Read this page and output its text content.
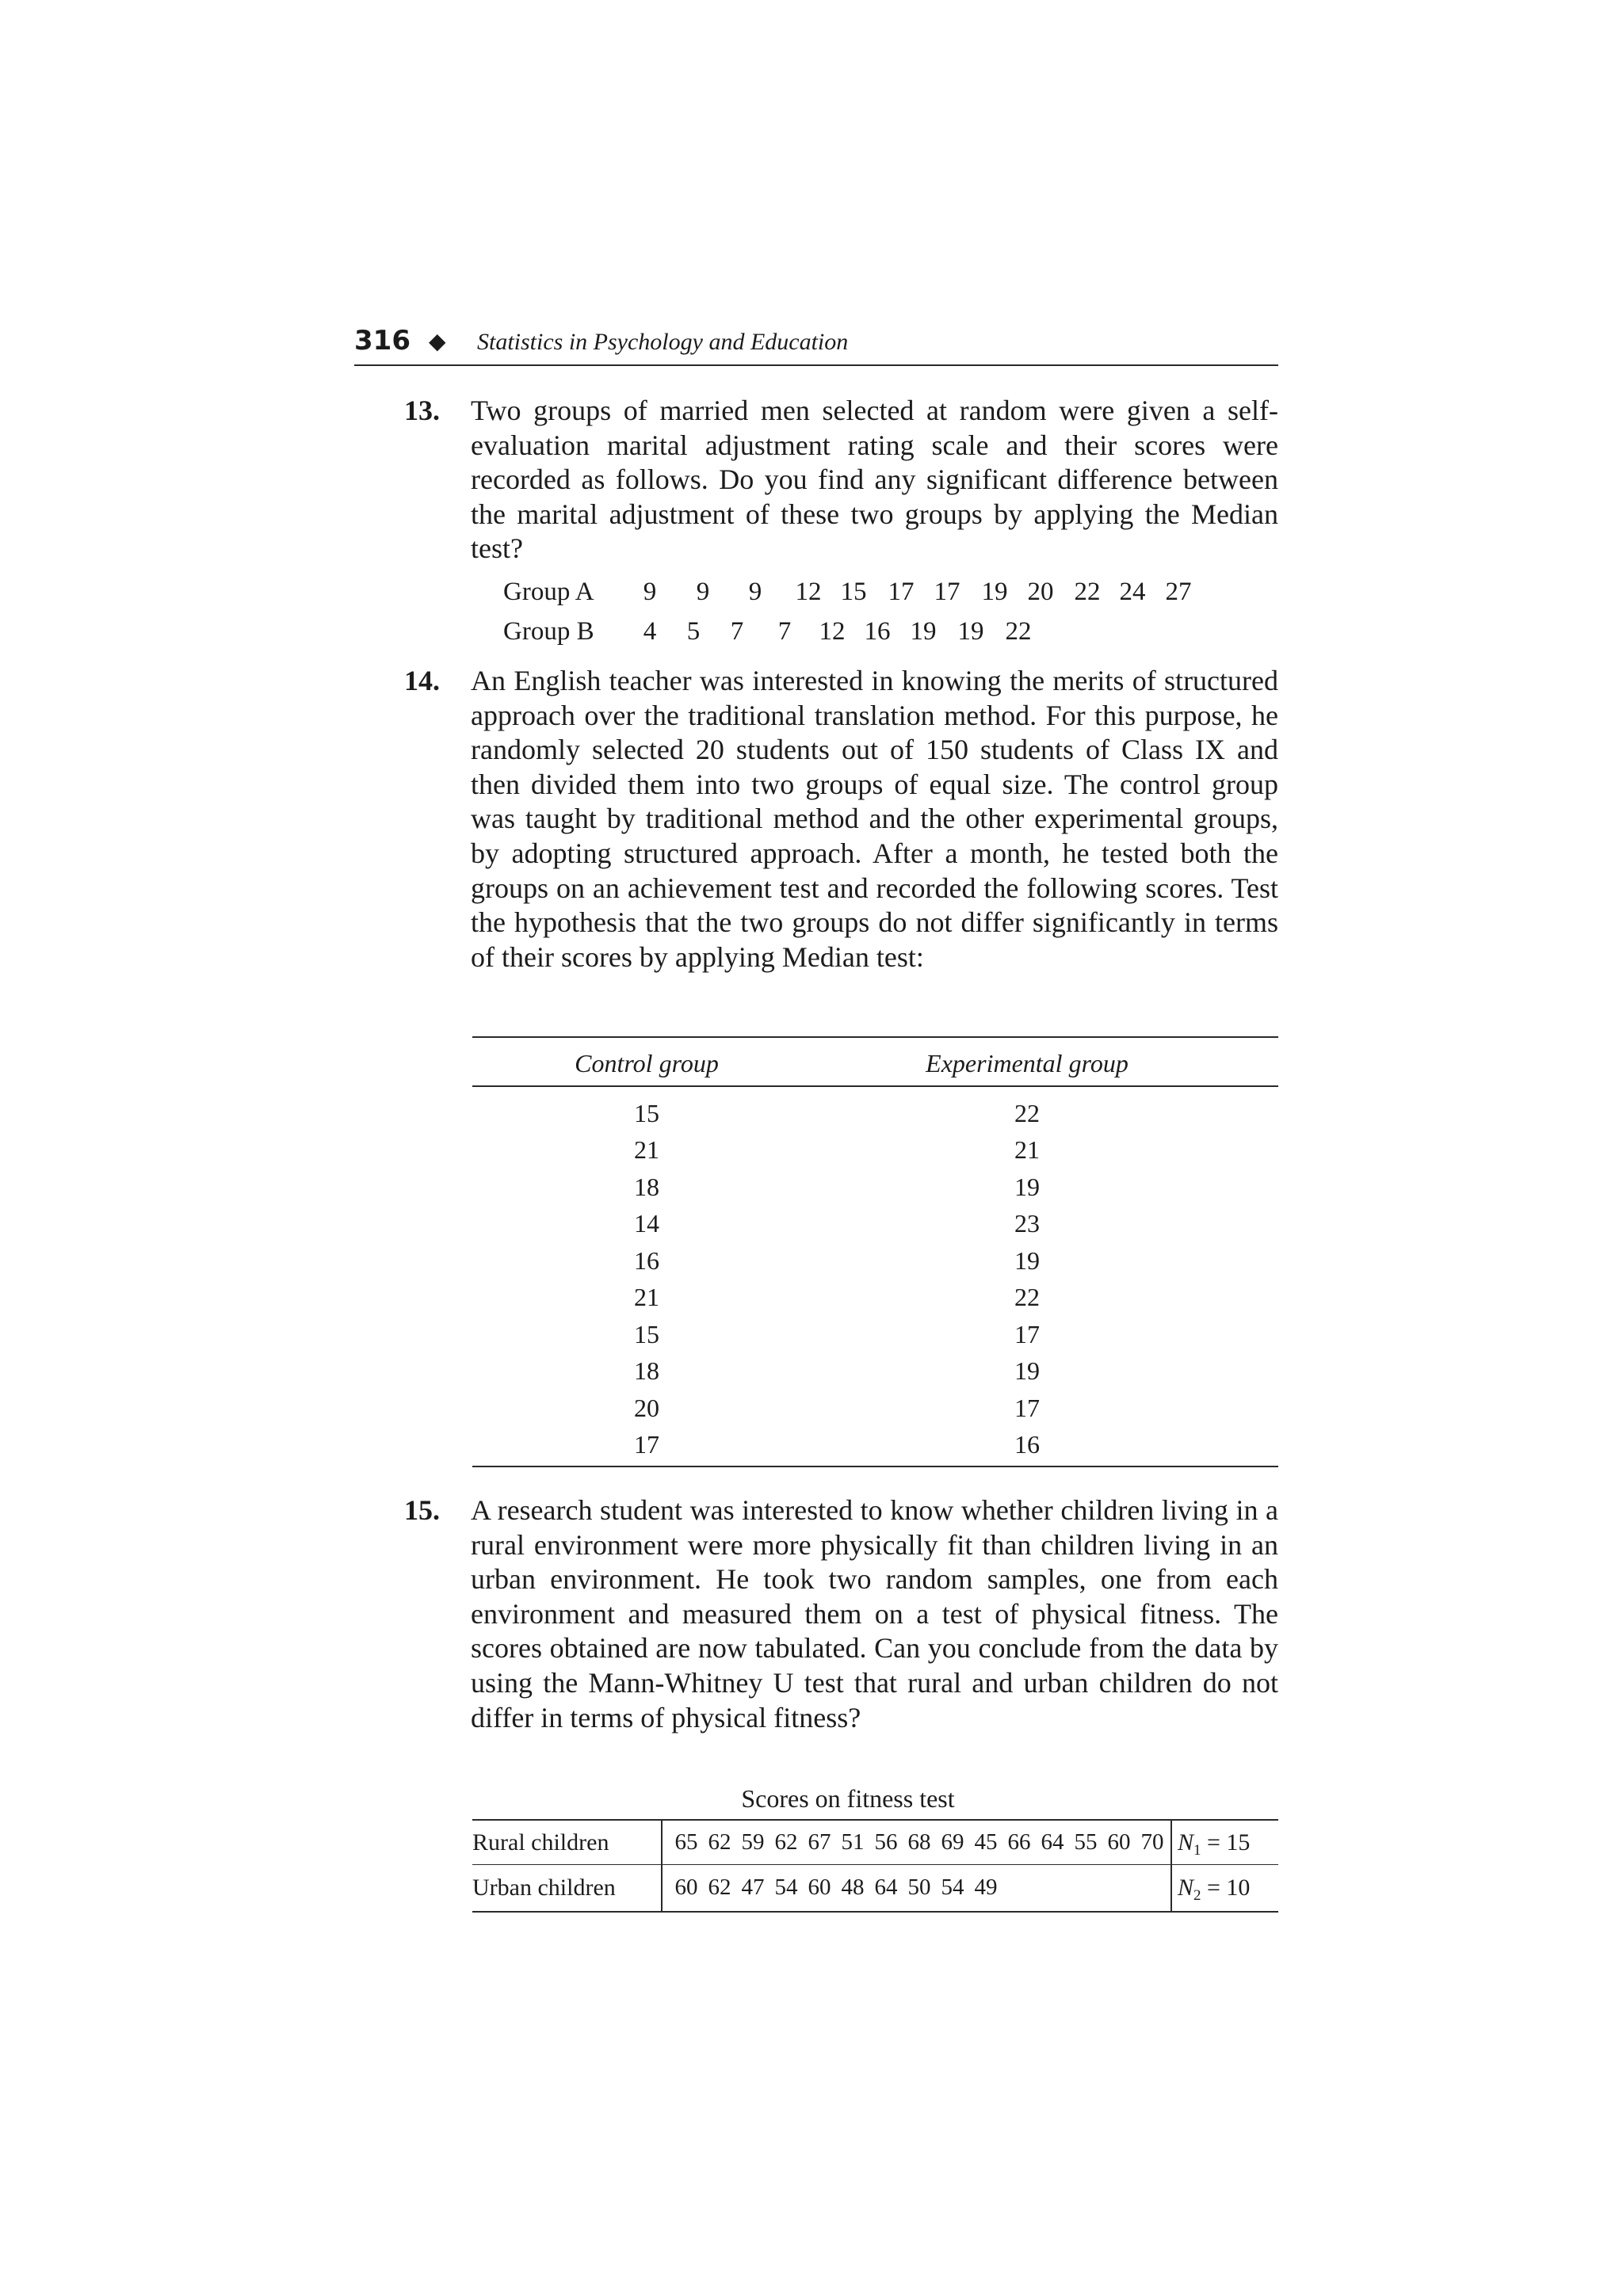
316 ◆ Statistics in Psychology and Education
13. Two groups of married men selected at random were given a self-evaluation marital adjustment rating scale and their scores were recorded as follows. Do you find any significant difference between the marital adjustment of these two groups by applying the Median test?

Group A	9	9	9	12 15 17 17 19 20 22 24 27
Group B	4	5	7	7	12 16 19 19 22
14. An English teacher was interested in knowing the merits of structured approach over the traditional translation method. For this purpose, he randomly selected 20 students out of 150 students of Class IX and then divided them into two groups of equal size. The control group was taught by traditional method and the other experimental groups, by adopting structured approach. After a month, he tested both the groups on an achievement test and recorded the following scores. Test the hypothesis that the two groups do not differ significantly in terms of their scores by applying Median test:

Control group	Experimental group
15	22
21	21
18	19
14	23
16	19
21	22
15	17
18	19
20	17
17	16
15. A research student was interested to know whether children living in a rural environment were more physically fit than children living in an urban environment. He took two random samples, one from each environment and measured them on a test of physical fitness. The scores obtained are now tabulated. Can you conclude from the data by using the Mann-Whitney U test that rural and urban children do not differ in terms of physical fitness?

Scores on fitness test
Rural children	65 62 59 62 67 51 56 68 69 45 66 64 55 60 70 $N_1 = 15$
Urban children	60 62 47 54 60 48 64 50 54 49	$N_2 = 10$
